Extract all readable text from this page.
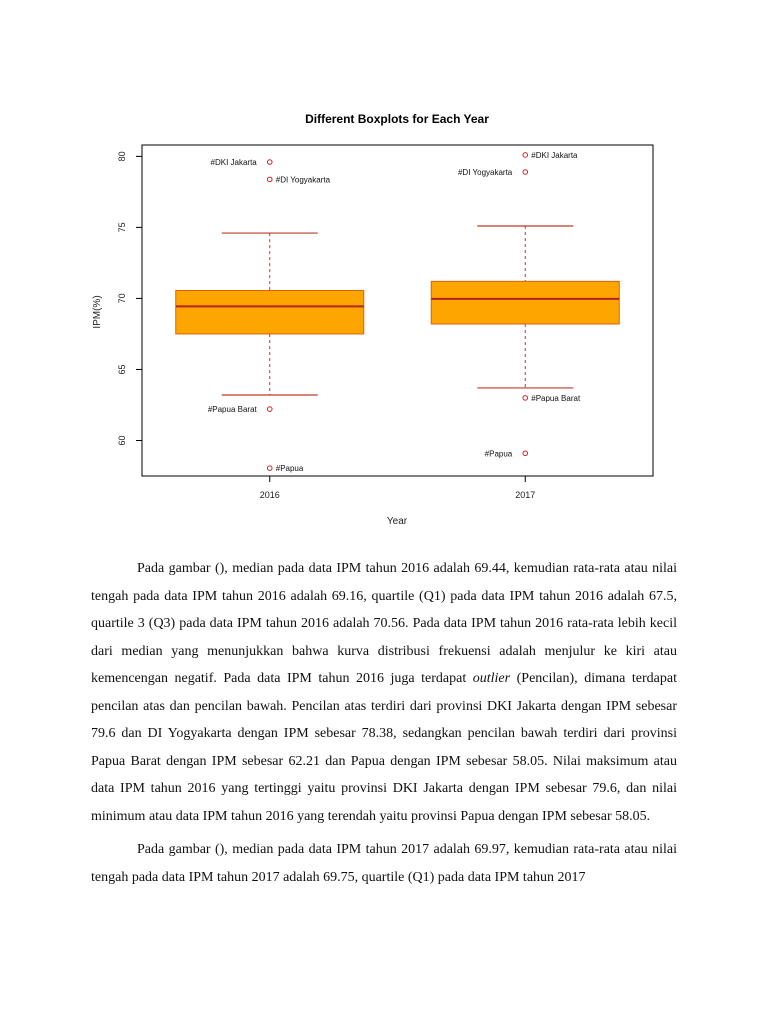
Different Boxplots for Each Year
60
65
70
75
80
2016	2017
#DKI Jakarta
#DI Yogyakarta
#Papua Barat
#Papua
#DKI Jakarta
#DI Yogyakarta
#Papua Barat
#Papua
Year
IPM(%)

Pada gambar (), median pada data IPM tahun 2016 adalah 69.44, kemudian rata-rata atau nilai tengah pada data IPM tahun 2016 adalah 69.16, quartile (Q1) pada data IPM tahun 2016 adalah 67.5, quartile 3 (Q3) pada data IPM tahun 2016 adalah 70.56. Pada data IPM tahun 2016 rata-rata lebih kecil dari median yang menunjukkan bahwa kurva distribusi frekuensi adalah menjulur ke kiri atau kemencengan negatif. Pada data IPM tahun 2016 juga terdapat outlier (Pencilan), dimana terdapat pencilan atas dan pencilan bawah. Pencilan atas terdiri dari provinsi DKI Jakarta dengan IPM sebesar 79.6 dan DI Yogyakarta dengan IPM sebesar 78.38, sedangkan pencilan bawah terdiri dari provinsi Papua Barat dengan IPM sebesar 62.21 dan Papua dengan IPM sebesar 58.05. Nilai maksimum atau data IPM tahun 2016 yang tertinggi yaitu provinsi DKI Jakarta dengan IPM sebesar 79.6, dan nilai minimum atau data IPM tahun 2016 yang terendah yaitu provinsi Papua dengan IPM sebesar 58.05.

Pada gambar (), median pada data IPM tahun 2017 adalah 69.97, kemudian rata-rata atau nilai tengah pada data IPM tahun 2017 adalah 69.75, quartile (Q1) pada data IPM tahun 2017
